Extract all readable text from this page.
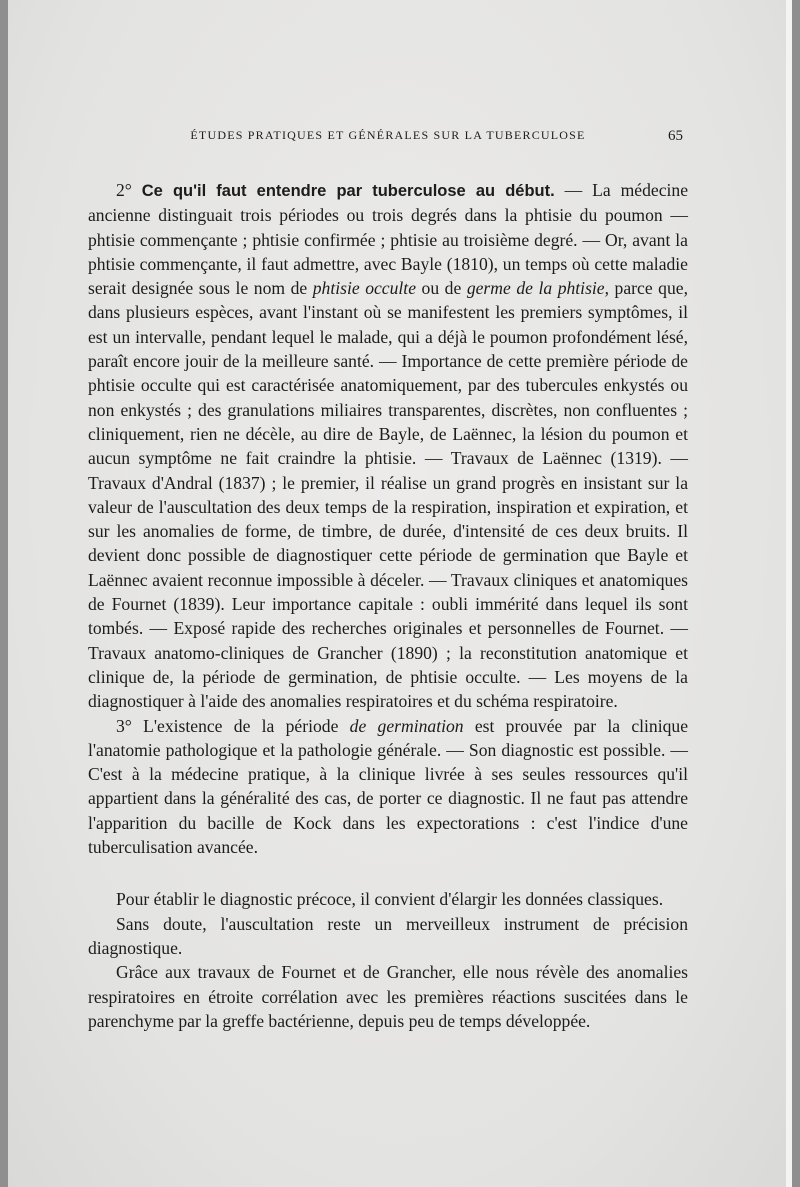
ÉTUDES PRATIQUES ET GÉNÉRALES SUR LA TUBERCULOSE	65

2° Ce qu'il faut entendre par tuberculose au début. — La médecine ancienne distinguait trois périodes ou trois degrés dans la phtisie du poumon — phtisie commençante ; phtisie confirmée ; phtisie au troisième degré. — Or, avant la phtisie commençante, il faut admettre, avec Bayle (1810), un temps où cette maladie serait designée sous le nom de phtisie occulte ou de germe de la phtisie, parce que, dans plusieurs espèces, avant l'instant où se manifestent les premiers symptômes, il est un intervalle, pendant lequel le malade, qui a déjà le poumon profondément lésé, paraît encore jouir de la meilleure santé. — Importance de cette première période de phtisie occulte qui est caractérisée anatomiquement, par des tubercules enkystés ou non enkystés ; des granulations miliaires transparentes, discrètes, non confluentes ; cliniquement, rien ne décèle, au dire de Bayle, de Laënnec, la lésion du poumon et aucun symptôme ne fait craindre la phtisie. — Travaux de Laënnec (1319). — Travaux d'Andral (1837) ; le premier, il réalise un grand progrès en insistant sur la valeur de l'auscultation des deux temps de la respiration, inspiration et expiration, et sur les anomalies de forme, de timbre, de durée, d'intensité de ces deux bruits. Il devient donc possible de diagnostiquer cette période de germination que Bayle et Laënnec avaient reconnue impossible à déceler. — Travaux cliniques et anatomiques de Fournet (1839). Leur importance capitale : oubli immérité dans lequel ils sont tombés. — Exposé rapide des recherches originales et personnelles de Fournet. — Travaux anatomo-cliniques de Grancher (1890) ; la reconstitution anatomique et clinique de, la période de germination, de phtisie occulte. — Les moyens de la diagnostiquer à l'aide des anomalies respiratoires et du schéma respiratoire.

3° L'existence de la période de germination est prouvée par la clinique l'anatomie pathologique et la pathologie générale. — Son diagnostic est possible. — C'est à la médecine pratique, à la clinique livrée à ses seules ressources qu'il appartient dans la généralité des cas, de porter ce diagnostic. Il ne faut pas attendre l'apparition du bacille de Kock dans les expectorations : c'est l'indice d'une tuberculisation avancée.

Pour établir le diagnostic précoce, il convient d'élargir les données classiques.

Sans doute, l'auscultation reste un merveilleux instrument de précision diagnostique.

Grâce aux travaux de Fournet et de Grancher, elle nous révèle des anomalies respiratoires en étroite corrélation avec les premières réactions suscitées dans le parenchyme par la greffe bactérienne, depuis peu de temps développée.
